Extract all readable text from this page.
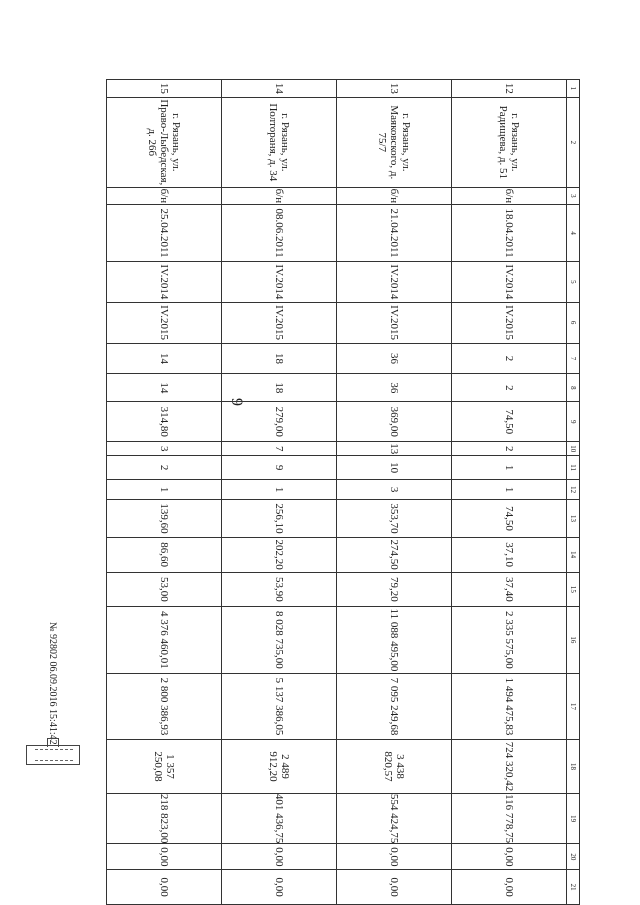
9
1	2	3	4	5	6	7	8	9	10	11	12	13	14	15	16	17	18	19	20	21
12	г. Рязань, ул. Радищева, д. 51	б/н	18.04.2011	IV.2014	IV.2015	2	2	74,50	2	1	1	74,50	37,10	37,40	2 335 575,00	1 494 475,83	724 320,42	116 778,75	0,00	0,00
13	г. Рязань, ул. Маяковского, д. 75/7	б/н	21.04.2011	IV.2014	IV.2015	36	36	369,00	13	10	3	353,70	274,50	79,20	11 088 495,00	7 095 249,68	3 438 820,57	554 424,75	0,00	0,00
14	г. Рязань, ул. Полтораня, д. 34	б/н	08.06.2011	IV.2014	IV.2015	18	18	279,00	7	9	1	256,10	202,20	53,90	8 028 735,00	5 137 386,05	2 489 912,20	401 436,75	0,00	0,00
15	г. Рязань, ул. Право-Лыбедская, д. 26б	б/н	25.04.2011	IV.2014	IV.2015	14	14	314,80	3	2	1	139,60	86,60	53,00	4 376 460,01	2 800 386,93	1 357 250,08	218 823,00	0,00	0,00
№ 92802 06.09.2016 15:41:42
